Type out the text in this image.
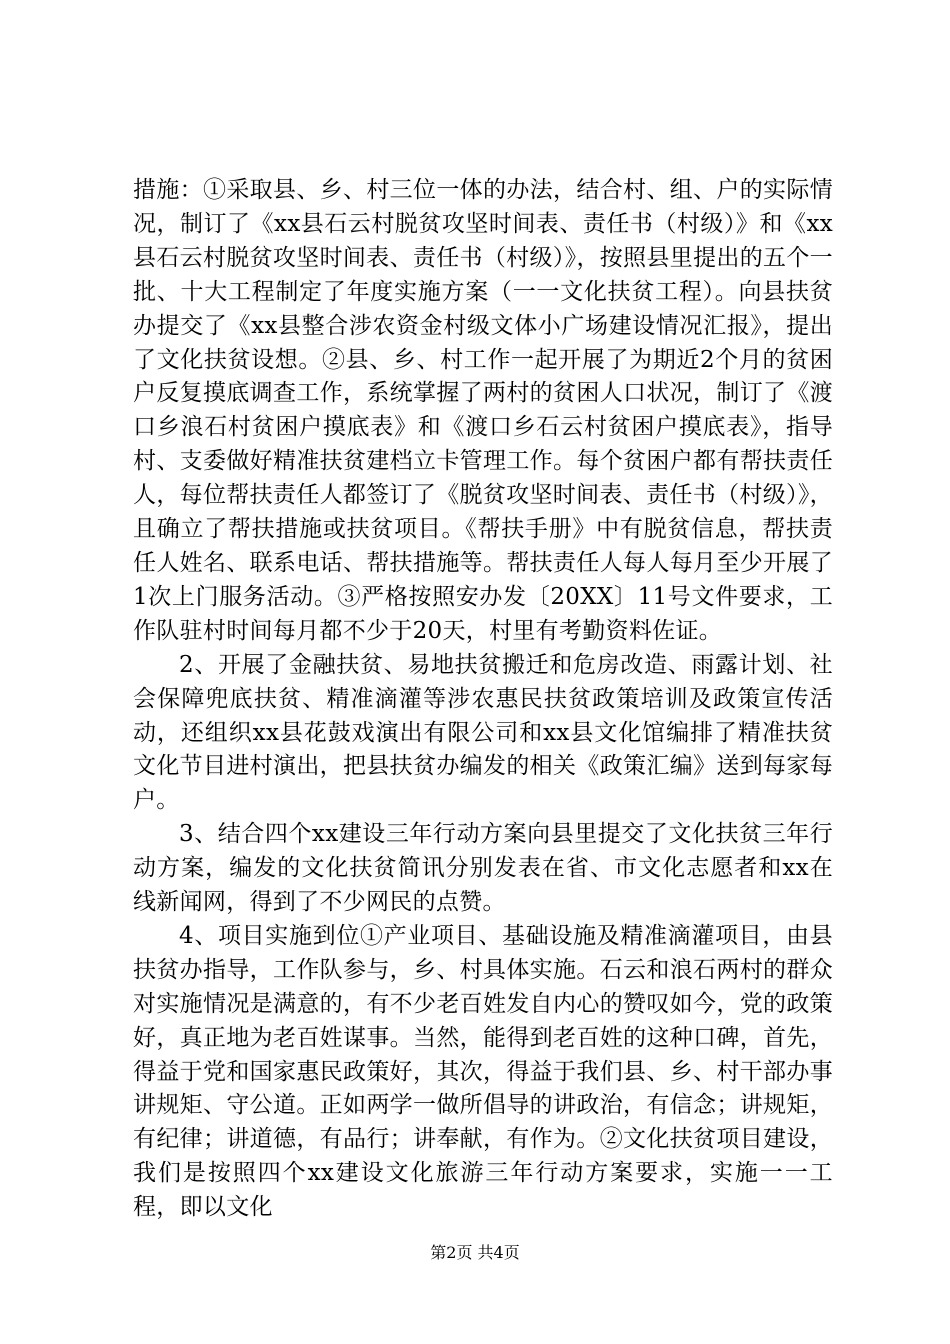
措施：①采取县、乡、村三位一体的办法，结合村、组、户的实际情况，制订了《xx县石云村脱贫攻坚时间表、责任书（村级）》和《xx县石云村脱贫攻坚时间表、责任书（村级）》，按照县里提出的五个一批、十大工程制定了年度实施方案（一一文化扶贫工程）。向县扶贫办提交了《xx县整合涉农资金村级文体小广场建设情况汇报》，提出了文化扶贫设想。②县、乡、村工作一起开展了为期近2个月的贫困户反复摸底调查工作，系统掌握了两村的贫困人口状况，制订了《渡口乡浪石村贫困户摸底表》和《渡口乡石云村贫困户摸底表》，指导村、支委做好精准扶贫建档立卡管理工作。每个贫困户都有帮扶责任人，每位帮扶责任人都签订了《脱贫攻坚时间表、责任书（村级）》，且确立了帮扶措施或扶贫项目。《帮扶手册》中有脱贫信息，帮扶责任人姓名、联系电话、帮扶措施等。帮扶责任人每人每月至少开展了1次上门服务活动。③严格按照安办发〔20XX〕11号文件要求，工作队驻村时间每月都不少于20天，村里有考勤资料佐证。

2、开展了金融扶贫、易地扶贫搬迁和危房改造、雨露计划、社会保障兜底扶贫、精准滴灌等涉农惠民扶贫政策培训及政策宣传活动，还组织xx县花鼓戏演出有限公司和xx县文化馆编排了精准扶贫文化节目进村演出，把县扶贫办编发的相关《政策汇编》送到每家每户。

3、结合四个xx建设三年行动方案向县里提交了文化扶贫三年行动方案，编发的文化扶贫简讯分别发表在省、市文化志愿者和xx在线新闻网，得到了不少网民的点赞。

4、项目实施到位①产业项目、基础设施及精准滴灌项目，由县扶贫办指导，工作队参与，乡、村具体实施。石云和浪石两村的群众对实施情况是满意的，有不少老百姓发自内心的赞叹如今，党的政策好，真正地为老百姓谋事。当然，能得到老百姓的这种口碑，首先，得益于党和国家惠民政策好，其次，得益于我们县、乡、村干部办事讲规矩、守公道。正如两学一做所倡导的讲政治，有信念；讲规矩，有纪律；讲道德，有品行；讲奉献，有作为。②文化扶贫项目建设，我们是按照四个xx建设文化旅游三年行动方案要求，实施一一工程，即以文化

第2页 共4页
